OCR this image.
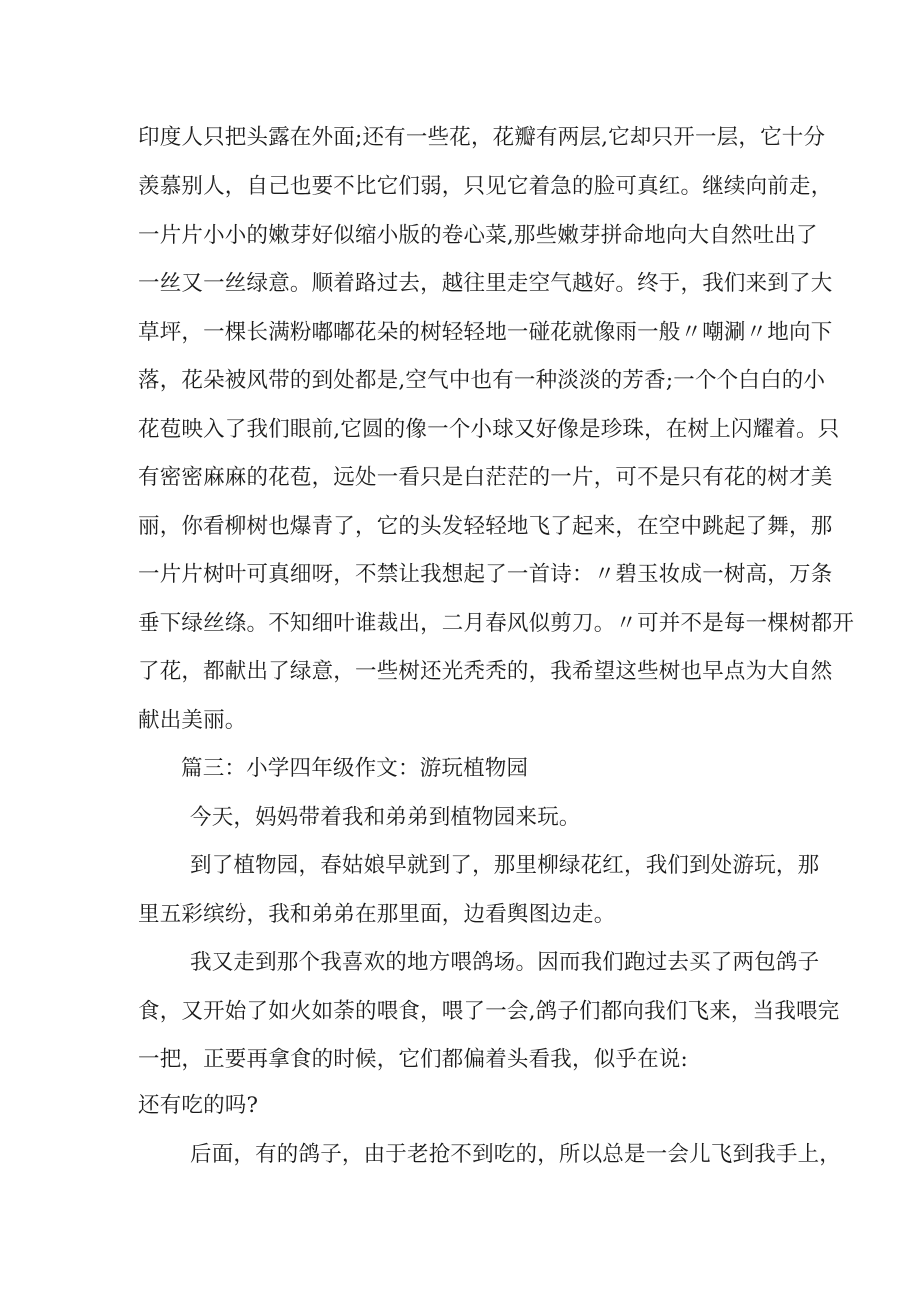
印度人只把头露在外面;还有一些花，花瓣有两层,它却只开一层，它十分

羡慕别人，自己也要不比它们弱，只见它着急的脸可真红。继续向前走，

一片片小小的嫩芽好似缩小版的卷心菜,那些嫩芽拼命地向大自然吐出了

一丝又一丝绿意。顺着路过去，越往里走空气越好。终于，我们来到了大

草坪，一棵长满粉嘟嘟花朵的树轻轻地一碰花就像雨一般〃嘲涮〃地向下

落，花朵被风带的到处都是,空气中也有一种淡淡的芳香;一个个白白的小

花苞映入了我们眼前,它圆的像一个小球又好像是珍珠，在树上闪耀着。只

有密密麻麻的花苞，远处一看只是白茫茫的一片，可不是只有花的树才美

丽，你看柳树也爆青了，它的头发轻轻地飞了起来，在空中跳起了舞，那

一片片树叶可真细呀，不禁让我想起了一首诗：〃碧玉妆成一树高，万条

垂下绿丝绦。不知细叶谁裁出，二月春风似剪刀。〃可并不是每一棵树都开

了花，都献出了绿意，一些树还光秃秃的，我希望这些树也早点为大自然

献出美丽。

篇三：小学四年级作文：游玩植物园

今天，妈妈带着我和弟弟到植物园来玩。

到了植物园，春姑娘早就到了，那里柳绿花红，我们到处游玩，那

里五彩缤纷，我和弟弟在那里面，边看舆图边走。

我又走到那个我喜欢的地方喂鸽场。因而我们跑过去买了两包鸽子

食，又开始了如火如荼的喂食，喂了一会,鸽子们都向我们飞来，当我喂完

一把，正要再拿食的时候，它们都偏着头看我，似乎在说:

还有吃的吗?

后面，有的鸽子，由于老抢不到吃的，所以总是一会儿飞到我手上，
